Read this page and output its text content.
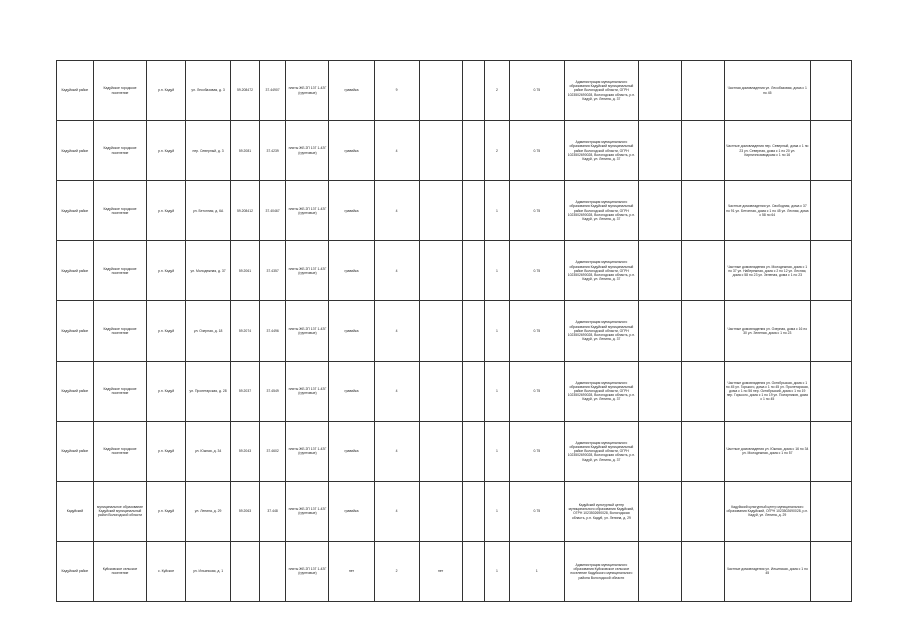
Кадуйский район	Кадуйское городское поселение	р.п. Кадуй	ул. Лесобазовая, д. 3	59.208472	37.44907	плиты ЖБ 2П 1ЗГ 1-4ЗГ (грунтовые)	гравийка	9			2	0.75	Администрация муниципального образования Кадуйский муниципальный район Вологодской области, ОГРН 1023502690028, Вологодская область, р.п. Кадуй, ул. Ленина, д. 37			Частная домовладения ул. Лесобазовая, дома с 1 по 45	
Кадуйский район	Кадуйское городское поселение	р.п. Кадуй	пер. Северный, д. 3	59.2081	37.4239	плиты ЖБ 2П 1ЗГ 1-4ЗГ (грунтовые)	гравийка	4			2	0.75	Администрация муниципального образования Кадуйский муниципальный район Вологодской области, ОГРН 1023502690028, Вологодская область, р.п. Кадуй, ул. Ленина, д. 37			Частные домовладения пер. Северный, дома с 1 по 23 ул. Северная, дома с 1 по 20 ул. Кирпичнозаводская с 1 по 16	
Кадуйский район	Кадуйское городское поселение	р.п. Кадуй	ул. Бетонная, д. 6А	59.208412	37.40467	плиты ЖБ 2П 1ЗГ 1-4ЗГ (грунтовые)	гравийка	4			1	0.75	Администрация муниципального образования Кадуйский муниципальный район Вологодской области, ОГРН 1023502690028, Вологодская область, р.п. Кадуй, ул. Ленина, д. 37			Частные домовладения ул. Свободная, дома с 37 по 91 ул. Бетонная, дома с 1 по 45 ул. Лесная, дома с 58 по 64	
Кадуйский район	Кадуйское городское поселение	р.п. Кадуй	ул. Молодежная, д. 37	59.2061	37.4357	плиты ЖБ 2П 1ЗГ 1-4ЗГ (грунтовые)	гравийка	4			1	0.75	Администрация муниципального образования Кадуйский муниципальный район Вологодской области, ОГРН 1023502690028, Вологодская область, р.п. Кадуй, ул. Ленина, д. 37			Частные домовладения ул. Молодежная, дома с 1 по 37 ул. Набережная, дома с 2 по 12 ул. Лесная, дома с 58 по 23 ул. Зеленая, дома с 1 по 23	
Кадуйский район	Кадуйское городское поселение	р.п. Кадуй	ул. Озерная, д. 18	59.2074	37.4496	плиты ЖБ 2П 1ЗГ 1-4ЗГ (грунтовые)	гравийка	4			1	0.75	Администрация муниципального образования Кадуйский муниципальный район Вологодской области, ОГРН 1023502690028, Вологодская область, р.п. Кадуй, ул. Ленина, д. 37			Частные домовладения ул. Озерная, дома с 16 по 30 ул. Зеленая, дома с 1 по 23	
Кадуйский район	Кадуйское городское поселение	р.п. Кадуй	ул. Пролетарская, д. 28	59.2037	37.4549	плиты ЖБ 2П 1ЗГ 1-4ЗГ (грунтовые)	гравийка	4			1	0.75	Администрация муниципального образования Кадуйский муниципальный район Вологодской области, ОГРН 1023502690028, Вологодская область, р.п. Кадуй, ул. Ленина, д. 37			Частные домовладения ул. Октябрьская, дома с 1 по 45 ул. Горького, дома с 1 по 45 ул. Пролетарская, дома с 1 по 56 пер. Октябрьский, дома с 1 по 19 пер. Горького, дома с 1 по 19 ул. Полярников, дома с 1 по 45	
Кадуйский район	Кадуйское городское поселение	р.п. Кадуй	ул. Южная, д. 34	59.2043	37.4602	плиты ЖБ 2П 1ЗГ 1-4ЗГ (грунтовые)	гравийка	4			1	0.75	Администрация муниципального образования Кадуйский муниципальный район Вологодской области, ОГРН 1023502690028, Вологодская область, р.п. Кадуй, ул. Ленина, д. 37			Частные домовладения ул. Южная, дома с 16 по 34 ул. Молодежная, дома с 1 по 57	
Кадуйский	муниципальное образование Кадуйский муниципальный район Вологодской области	р.п. Кадуй	ул. Ленина, д. 29	59.2063	37.448	плиты ЖБ 2П 1ЗГ 1-4ЗГ (грунтовые)	гравийка	4			1	0.75	Кадуйский культурный центр муниципального образования Кадуйский, ОГРН 1023502690028, Вологодская область, р.п. Кадуй, ул. Ленина, д. 29			Кадуйский культурный центр муниципального образования Кадуйский, ОГРН 1023502690028, р.п. Кадуй, ул. Ленина, д. 29	
Кадуйский район	Куйсковское сельское поселение	с. Куйское	ул. Ильинская, д. 1			плиты ЖБ 2П 1ЗГ 1-4ЗГ (грунтовые)	нет	2	нет		1	1	Администрация муниципального образования Куйсковское сельское поселение Кадуйского муниципального района Вологодской области			Частные домовладения ул. Ильинская, дома с 1 по 45	
